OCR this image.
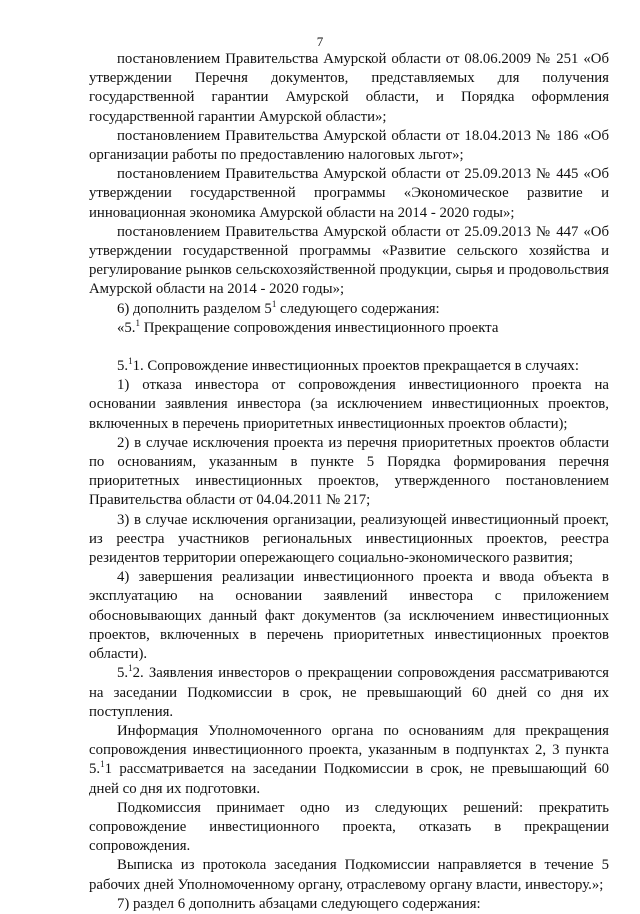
7

постановлением Правительства Амурской области от 08.06.2009 № 251 «Об утверждении Перечня документов, представляемых для получения государственной гарантии Амурской области, и Порядка оформления государственной гарантии Амурской области»;

постановлением Правительства Амурской области от 18.04.2013 № 186 «Об организации работы по предоставлению налоговых льгот»;

постановлением Правительства Амурской области от 25.09.2013 № 445 «Об утверждении государственной программы «Экономическое развитие и инновационная экономика Амурской области на 2014 - 2020 годы»;

постановлением Правительства Амурской области от 25.09.2013 № 447 «Об утверждении государственной программы «Развитие сельского хозяйства и регулирование рынков сельскохозяйственной продукции, сырья и продовольствия Амурской области на 2014 - 2020 годы»;

6) дополнить разделом $5^1$ следующего содержания:

«5.$^1$ Прекращение сопровождения инвестиционного проекта

5.$^1$1. Сопровождение инвестиционных проектов прекращается в случаях:

1) отказа инвестора от сопровождения инвестиционного проекта на основании заявления инвестора (за исключением инвестиционных проектов, включенных в перечень приоритетных инвестиционных проектов области);

2) в случае исключения проекта из перечня приоритетных проектов области по основаниям, указанным в пункте 5 Порядка формирования перечня приоритетных инвестиционных проектов, утвержденного постановлением Правительства области от 04.04.2011 № 217;

3) в случае исключения организации, реализующей инвестиционный проект, из реестра участников региональных инвестиционных проектов, реестра резидентов территории опережающего социально-экономического развития;

4) завершения реализации инвестиционного проекта и ввода объекта в эксплуатацию на основании заявлений инвестора с приложением обосновывающих данный факт документов (за исключением инвестиционных проектов, включенных в перечень приоритетных инвестиционных проектов области).

5.$^1$2. Заявления инвесторов о прекращении сопровождения рассматриваются на заседании Подкомиссии в срок, не превышающий 60 дней со дня их поступления.

Информация Уполномоченного органа по основаниям для прекращения сопровождения инвестиционного проекта, указанным в подпунктах 2, 3 пункта 5.$^1$1 рассматривается на заседании Подкомиссии в срок, не превышающий 60 дней со дня их подготовки.

Подкомиссия принимает одно из следующих решений: прекратить сопровождение инвестиционного проекта, отказать в прекращении сопровождения.

Выписка из протокола заседания Подкомиссии направляется в течение 5 рабочих дней Уполномоченному органу, отраслевому органу власти, инвестору.»;

7) раздел 6 дополнить абзацами следующего содержания:
